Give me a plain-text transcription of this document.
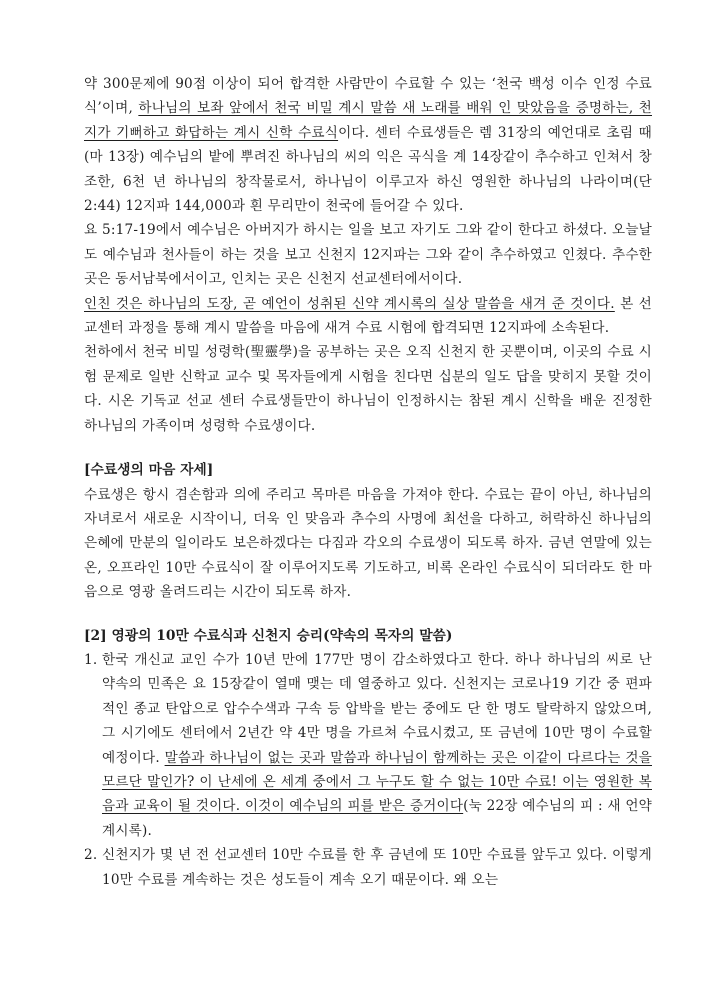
약 300문제에 90점 이상이 되어 합격한 사람만이 수료할 수 있는 ‘천국 백성 이수 인정 수료식’이며, 하나님의 보좌 앞에서 천국 비밀 계시 말씀 새 노래를 배워 인 맞았음을 증명하는, 천지가 기뻐하고 화답하는 계시 신학 수료식이다. 센터 수료생들은 렘 31장의 예언대로 초림 때(마 13장) 예수님의 밭에 뿌려진 하나님의 씨의 익은 곡식을 계 14장같이 추수하고 인쳐서 창조한, 6천 년 하나님의 창작물로서, 하나님이 이루고자 하신 영원한 하나님의 나라이며(단 2:44) 12지파 144,000과 흰 무리만이 천국에 들어갈 수 있다.

요 5:17-19에서 예수님은 아버지가 하시는 일을 보고 자기도 그와 같이 한다고 하셨다. 오늘날도 예수님과 천사들이 하는 것을 보고 신천지 12지파는 그와 같이 추수하였고 인쳤다. 추수한 곳은 동서남북에서이고, 인치는 곳은 신천지 선교센터에서이다.

인친 것은 하나님의 도장, 곧 예언이 성취된 신약 계시록의 실상 말씀을 새겨 준 것이다. 본 선교센터 과정을 통해 계시 말씀을 마음에 새겨 수료 시험에 합격되면 12지파에 소속된다.

천하에서 천국 비밀 성령학(聖靈學)을 공부하는 곳은 오직 신천지 한 곳뿐이며, 이곳의 수료 시험 문제로 일반 신학교 교수 및 목자들에게 시험을 친다면 십분의 일도 답을 맞히지 못할 것이다. 시온 기독교 선교 센터 수료생들만이 하나님이 인정하시는 참된 계시 신학을 배운 진정한 하나님의 가족이며 성령학 수료생이다.

[수료생의 마음 자세]

수료생은 항시 겸손함과 의에 주리고 목마른 마음을 가져야 한다. 수료는 끝이 아닌, 하나님의 자녀로서 새로운 시작이니, 더욱 인 맞음과 추수의 사명에 최선을 다하고, 허락하신 하나님의 은혜에 만분의 일이라도 보은하겠다는 다짐과 각오의 수료생이 되도록 하자. 금년 연말에 있는 온, 오프라인 10만 수료식이 잘 이루어지도록 기도하고, 비록 온라인 수료식이 되더라도 한 마음으로 영광 올려드리는 시간이 되도록 하자.

[2] 영광의 10만 수료식과 신천지 승리(약속의 목자의 말씀)

1. 한국 개신교 교인 수가 10년 만에 177만 명이 감소하였다고 한다. 하나 하나님의 씨로 난 약속의 민족은 요 15장같이 열매 맺는 데 열중하고 있다. 신천지는 코로나19 기간 중 편파적인 종교 탄압으로 압수수색과 구속 등 압박을 받는 중에도 단 한 명도 탈락하지 않았으며, 그 시기에도 센터에서 2년간 약 4만 명을 가르쳐 수료시켰고, 또 금년에 10만 명이 수료할 예정이다. 말씀과 하나님이 없는 곳과 말씀과 하나님이 함께하는 곳은 이같이 다르다는 것을 모르단 말인가? 이 난세에 온 세계 중에서 그 누구도 할 수 없는 10만 수료! 이는 영원한 복음과 교육이 될 것이다. 이것이 예수님의 피를 받은 증거이다(눅 22장 예수님의 피 : 새 언약 계시록).
2. 신천지가 몇 년 전 선교센터 10만 수료를 한 후 금년에 또 10만 수료를 앞두고 있다. 이렇게 10만 수료를 계속하는 것은 성도들이 계속 오기 때문이다. 왜 오는
